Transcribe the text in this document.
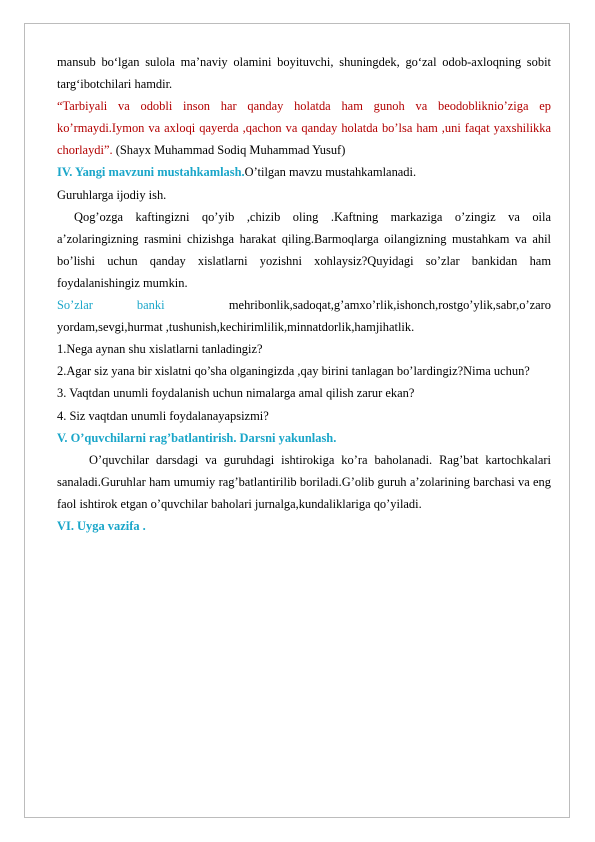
mansub bo‘lgan sulola ma’naviy olamini boyituvchi, shuningdek, go‘zal odob-axloqning sobit targ‘ibotchilari hamdir.

“Tarbiyali va odobli inson har qanday holatda ham gunoh va beodobliknio’ziga ep ko’rmaydi.Iymon va axloqi qayerda ,qachon va qanday holatda bo’lsa ham ,uni faqat yaxshilikka chorlaydi”. (Shayx Muhammad Sodiq Muhammad Yusuf)

IV. Yangi mavzuni mustahkamlash.O’tilgan mavzu mustahkamlanadi.

Guruhlarga ijodiy ish.

Qog’ozga kaftingizni qo’yib ,chizib oling .Kaftning markaziga o’zingiz va oila a’zolaringizning rasmini chizishga harakat qiling.Barmoqlarga oilangizning mustahkam va ahil bo’lishi uchun qanday xislatlarni yozishni xohlaysiz?Quyidagi so’zlar bankidan ham foydalanishingiz mumkin.

So’zlar	banki	mehribonlik,sadoqat,g’amxo’rlik,ishonch,rostgo’ylik,sabr,o’zaro yordam,sevgi,hurmat ,tushunish,kechirimlilik,minnatdorlik,hamjihatlik.

1.Nega aynan shu xislatlarni tanladingiz?

2.Agar siz yana bir xislatni qo’sha olganingizda ,qay birini tanlagan bo’lardingiz?Nima uchun?

3. Vaqtdan unumli foydalanish uchun nimalarga amal qilish zarur ekan?

4. Siz vaqtdan unumli foydalanayapsizmi?

V. O’quvchilarni rag’batlantirish. Darsni yakunlash.

O’quvchilar darsdagi va guruhdagi ishtirokiga ko’ra baholanadi. Rag’bat kartochkalari sanaladi.Guruhlar ham umumiy rag’batlantirilib boriladi.G’olib guruh a’zolarining barchasi va eng faol ishtirok etgan o’quvchilar baholari jurnalga,kundaliklariga qo’yiladi.

VI. Uyga vazifa .
